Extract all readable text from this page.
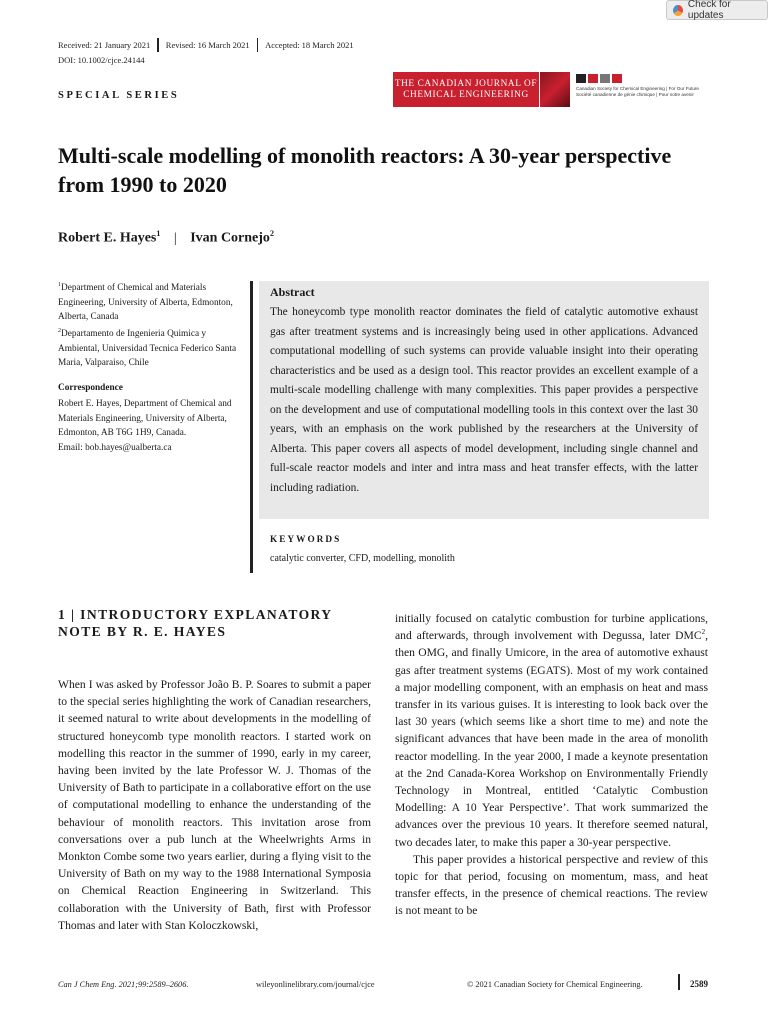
Check for updates
Received: 21 January 2021 Revised: 16 March 2021 Accepted: 18 March 2021
DOI: 10.1002/cjce.24144
SPECIAL SERIES
THE CANADIAN JOURNAL OF
CHEMICAL ENGINEERING
Canadian Society for Chemical Engineering | For Our Future
Société canadienne de génie chimique | Pour notre avenir
Multi-scale modelling of monolith reactors: A 30-year perspective from 1990 to 2020
Robert E. Hayes$^1$ | Ivan Cornejo$^2$
$^1$Department of Chemical and Materials Engineering, University of Alberta, Edmonton, Alberta, Canada
$^2$Departamento de Ingenieria Quimica y Ambiental, Universidad Tecnica Federico Santa Maria, Valparaiso, Chile
Correspondence
Robert E. Hayes, Department of Chemical and Materials Engineering, University of Alberta, Edmonton, AB T6G 1H9, Canada.
Email: bob.hayes@ualberta.ca
Abstract
The honeycomb type monolith reactor dominates the field of catalytic automotive exhaust gas after treatment systems and is increasingly being used in other applications. Advanced computational modelling of such systems can provide valuable insight into their operating characteristics and be used as a design tool. This reactor provides an excellent example of a multi-scale modelling challenge with many complexities. This paper provides a perspective on the development and use of computational modelling tools in this context over the last 30 years, with an emphasis on the work published by the researchers at the University of Alberta. This paper covers all aspects of model development, including single channel and full-scale reactor models and inter and intra mass and heat transfer effects, with the latter including radiation.
KEYWORDS
catalytic converter, CFD, modelling, monolith
1 | INTRODUCTORY EXPLANATORY NOTE BY R. E. HAYES

When I was asked by Professor João B. P. Soares to submit a paper to the special series highlighting the work of Canadian researchers, it seemed natural to write about developments in the modelling of structured honeycomb type monolith reactors. I started work on modelling this reactor in the summer of 1990, early in my career, having been invited by the late Professor W. J. Thomas of the University of Bath to participate in a collaborative effort on the use of computational modelling to enhance the understanding of the behaviour of monolith reactors. This invitation arose from conversations over a pub lunch at the Wheelwrights Arms in Monkton Combe some two years earlier, during a flying visit to the University of Bath on my way to the 1988 International Symposia on Chemical Reaction Engineering in Switzerland. This collaboration with the University of Bath, first with Professor Thomas and later with Stan Koloczkowski,

initially focused on catalytic combustion for turbine applications, and afterwards, through involvement with Degussa, later DMC$^2$, then OMG, and finally Umicore, in the area of automotive exhaust gas after treatment systems (EGATS). Most of my work contained a major modelling component, with an emphasis on heat and mass transfer in its various guises. It is interesting to look back over the last 30 years (which seems like a short time to me) and note the significant advances that have been made in the area of monolith reactor modelling. In the year 2000, I made a keynote presentation at the 2nd Canada-Korea Workshop on Environmentally Friendly Technology in Montreal, entitled ‘Catalytic Combustion Modelling: A 10 Year Perspective’. That work summarized the advances over the previous 10 years. It therefore seemed natural, two decades later, to make this paper a 30-year perspective.

This paper provides a historical perspective and review of this topic for that period, focusing on momentum, mass, and heat transfer effects, in the presence of chemical reactions. The review is not meant to be

Can J Chem Eng. 2021;99:2589–2606.	wileyonlinelibrary.com/journal/cjce	© 2021 Canadian Society for Chemical Engineering.	2589
